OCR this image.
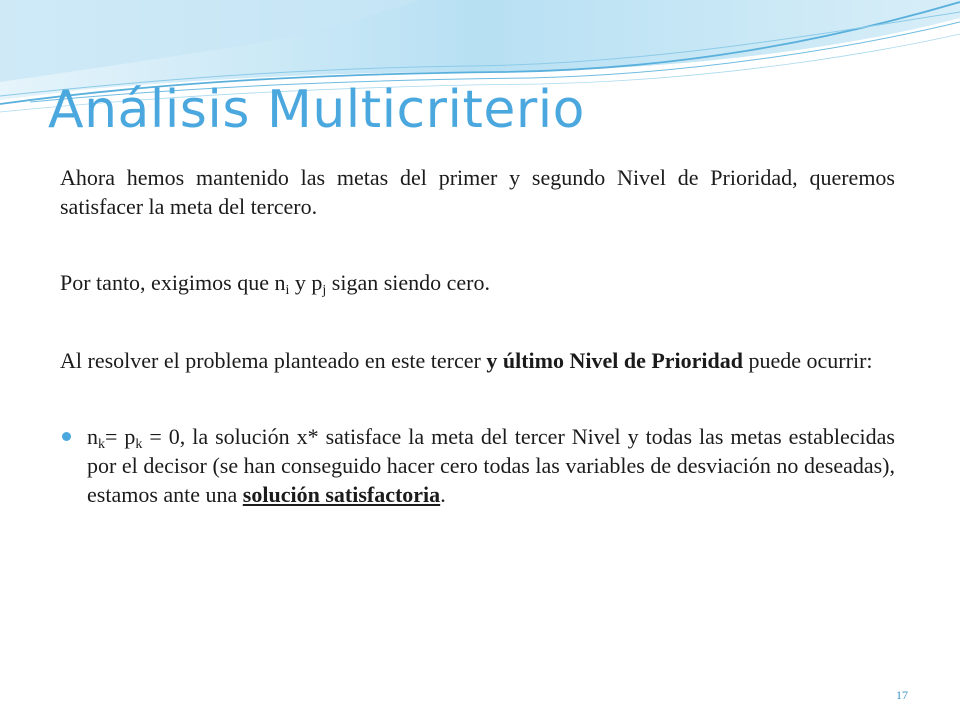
Análisis Multicriterio

Ahora hemos mantenido las metas del primer y segundo Nivel de Prioridad, queremos satisfacer la meta del tercero.

Por tanto, exigimos que $n_i$ y $p_j$ sigan siendo cero.

Al resolver el problema planteado en este tercer y último Nivel de Prioridad puede ocurrir:

$n_k= p_k = 0$, la solución x* satisface la meta del tercer Nivel y todas las metas establecidas por el decisor (se han conseguido hacer cero todas las variables de desviación no deseadas), estamos ante una solución satisfactoria.
17
